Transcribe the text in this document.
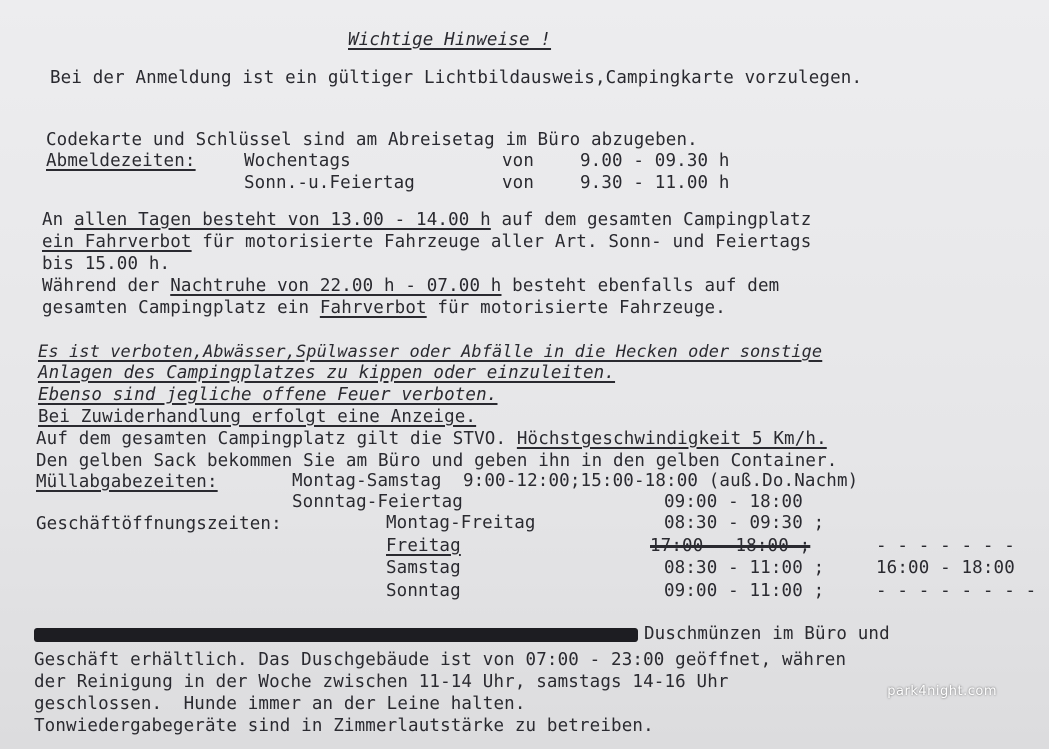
Wichtige Hinweise !
Bei der Anmeldung ist ein gültiger Lichtbildausweis,Campingkarte vorzulegen.
Codekarte und Schlüssel sind am Abreisetag im Büro abzugeben.
Abmeldezeiten:	Wochentags	von	9.00 - 09.30 h
Sonn.-u.Feiertag	von	9.30 - 11.00 h
An allen Tagen besteht von 13.00 - 14.00 h auf dem gesamten Campingplatz
ein Fahrverbot für motorisierte Fahrzeuge aller Art. Sonn- und Feiertags
bis 15.00 h.
Während der Nachtruhe von 22.00 h - 07.00 h besteht ebenfalls auf dem
gesamten Campingplatz ein Fahrverbot für motorisierte Fahrzeuge.
Es ist verboten,Abwässer,Spülwasser oder Abfälle in die Hecken oder sonstige
Anlagen des Campingplatzes zu kippen oder einzuleiten.
Ebenso sind jegliche offene Feuer verboten.
Bei Zuwiderhandlung erfolgt eine Anzeige.
Auf dem gesamten Campingplatz gilt die STVO. Höchstgeschwindigkeit 5 Km/h.
Den gelben Sack bekommen Sie am Büro und geben ihn in den gelben Container.
Müllabgabezeiten:	Montag-Samstag  9:00-12:00;15:00-18:00 (auß.Do.Nachm)
Sonntag-Feiertag	09:00 - 18:00
Geschäftöffnungszeiten:	Montag-Freitag	08:30 - 09:30 ;
Freitag	17:00 - 18:00 ;	- - - - - - -
Samstag	08:30 - 11:00 ;	16:00 - 18:00
Sonntag	09:00 - 11:00 ;	- - - - - - - -
Duschmünzen im Büro und
Geschäft erhältlich. Das Duschgebäude ist von 07:00 - 23:00 geöffnet, währen
der Reinigung in der Woche zwischen 11-14 Uhr, samstags 14-16 Uhr
geschlossen.  Hunde immer an der Leine halten.
Tonwiedergabegeräte sind in Zimmerlautstärke zu betreiben.
park4night.com
